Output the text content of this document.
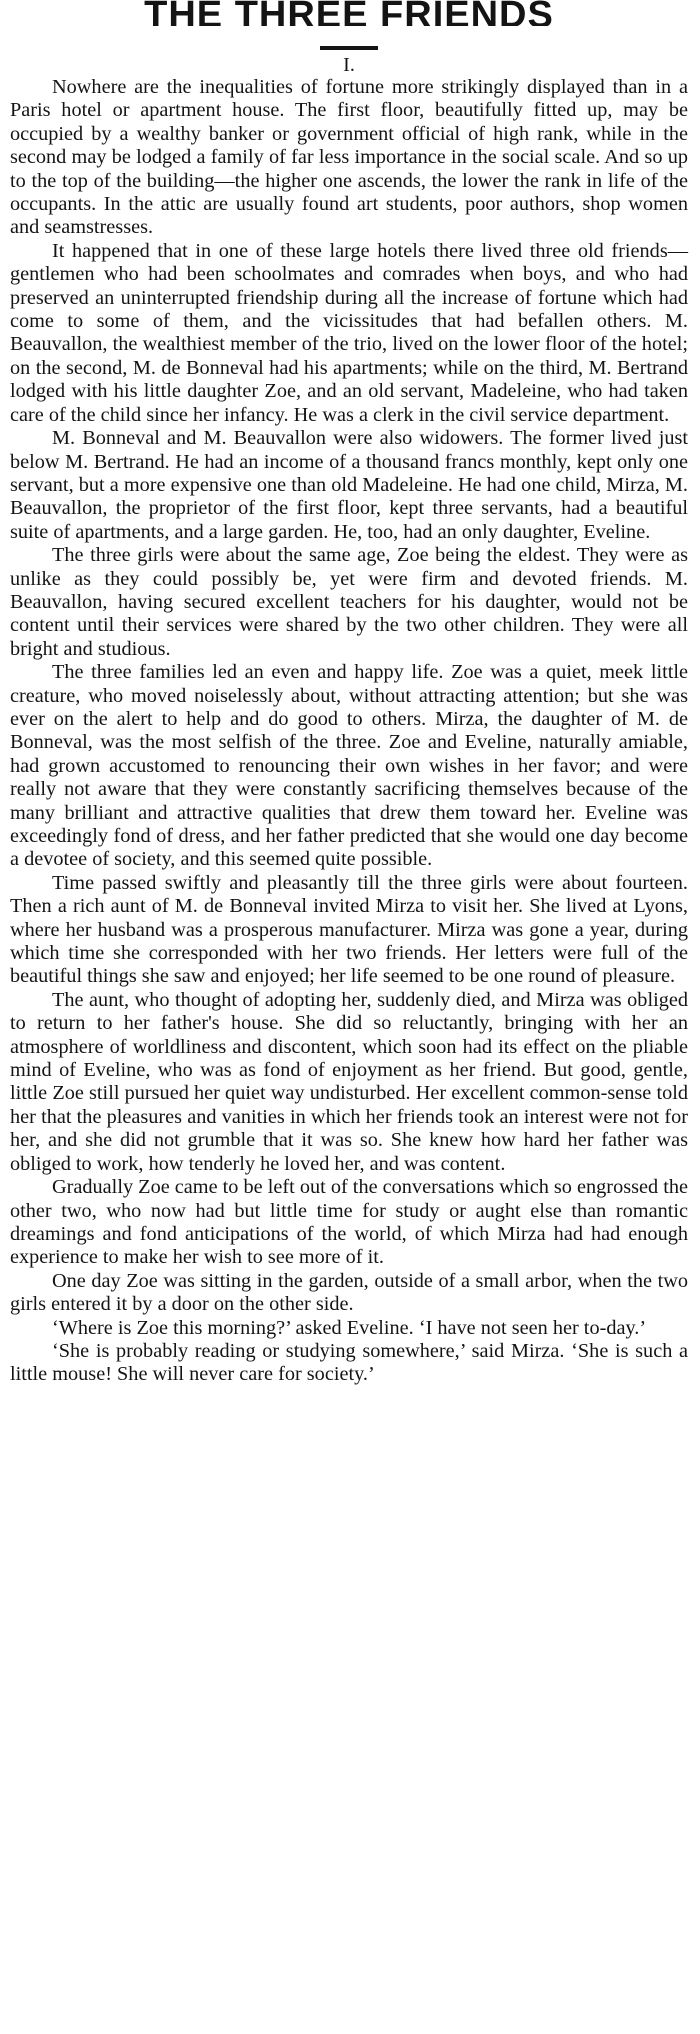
THE THREE FRIENDS
I.

Nowhere are the inequalities of fortune more strikingly displayed than in a Paris hotel or apartment house. The first floor, beautifully fitted up, may be occupied by a wealthy banker or government official of high rank, while in the second may be lodged a family of far less importance in the social scale. And so up to the top of the building—the higher one ascends, the lower the rank in life of the occupants. In the attic are usually found art students, poor authors, shop women and seamstresses.

It happened that in one of these large hotels there lived three old friends—gentlemen who had been schoolmates and comrades when boys, and who had preserved an uninterrupted friendship during all the increase of fortune which had come to some of them, and the vicissitudes that had befallen others. M. Beauvallon, the wealthiest member of the trio, lived on the lower floor of the hotel; on the second, M. de Bonneval had his apartments; while on the third, M. Bertrand lodged with his little daughter Zoe, and an old servant, Madeleine, who had taken care of the child since her infancy. He was a clerk in the civil service department.

M. Bonneval and M. Beauvallon were also widowers. The former lived just below M. Bertrand. He had an income of a thousand francs monthly, kept only one servant, but a more expensive one than old Madeleine. He had one child, Mirza, M. Beauvallon, the proprietor of the first floor, kept three servants, had a beautiful suite of apartments, and a large garden. He, too, had an only daughter, Eveline.

The three girls were about the same age, Zoe being the eldest. They were as unlike as they could possibly be, yet were firm and devoted friends. M. Beauvallon, having secured excellent teachers for his daughter, would not be content until their services were shared by the two other children. They were all bright and studious.

The three families led an even and happy life. Zoe was a quiet, meek little creature, who moved noiselessly about, without attracting attention; but she was ever on the alert to help and do good to others. Mirza, the daughter of M. de Bonneval, was the most selfish of the three. Zoe and Eveline, naturally amiable, had grown accustomed to renouncing their own wishes in her favor; and were really not aware that they were constantly sacrificing themselves because of the many brilliant and attractive qualities that drew them toward her. Eveline was exceedingly fond of dress, and her father predicted that she would one day become a devotee of society, and this seemed quite possible.

Time passed swiftly and pleasantly till the three girls were about fourteen. Then a rich aunt of M. de Bonneval invited Mirza to visit her. She lived at Lyons, where her husband was a prosperous manufacturer. Mirza was gone a year, during which time she corresponded with her two friends. Her letters were full of the beautiful things she saw and enjoyed; her life seemed to be one round of pleasure.

The aunt, who thought of adopting her, suddenly died, and Mirza was obliged to return to her father's house. She did so reluctantly, bringing with her an atmosphere of worldliness and discontent, which soon had its effect on the pliable mind of Eveline, who was as fond of enjoyment as her friend. But good, gentle, little Zoe still pursued her quiet way undisturbed. Her excellent common-sense told her that the pleasures and vanities in which her friends took an interest were not for her, and she did not grumble that it was so. She knew how hard her father was obliged to work, how tenderly he loved her, and was content.

Gradually Zoe came to be left out of the conversations which so engrossed the other two, who now had but little time for study or aught else than romantic dreamings and fond anticipations of the world, of which Mirza had had enough experience to make her wish to see more of it.

One day Zoe was sitting in the garden, outside of a small arbor, when the two girls entered it by a door on the other side.

‘Where is Zoe this morning?’ asked Eveline. ‘I have not seen her to-day.’

‘She is probably reading or studying somewhere,’ said Mirza. ‘She is such a little mouse! She will never care for society.’
